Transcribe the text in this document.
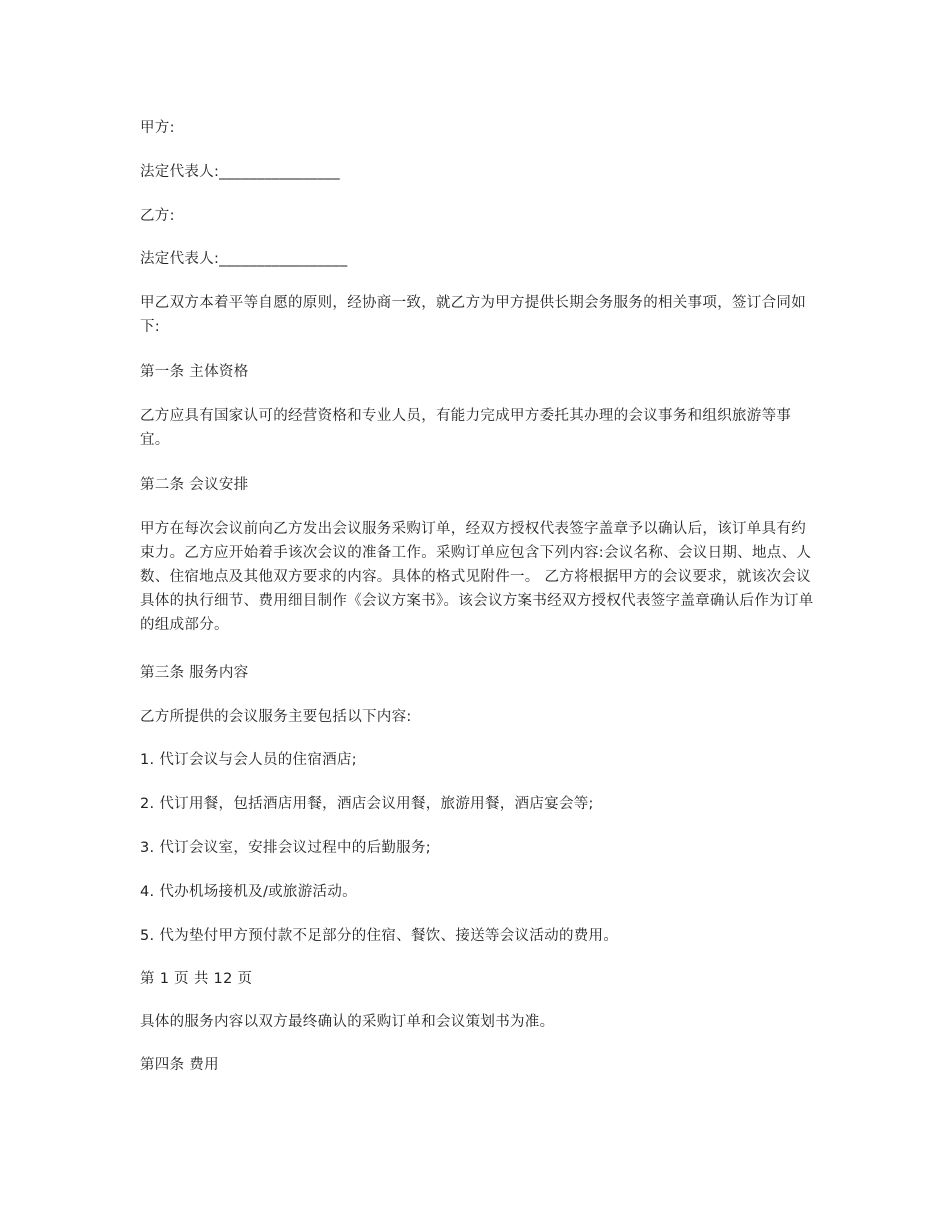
甲方:
法定代表人:________________
乙方:
法定代表人:_________________
甲乙双方本着平等自愿的原则，经协商一致，就乙方为甲方提供长期会务服务的相关事项，签订合同如下:
第一条 主体资格
乙方应具有国家认可的经营资格和专业人员，有能力完成甲方委托其办理的会议事务和组织旅游等事宜。
第二条 会议安排
甲方在每次会议前向乙方发出会议服务采购订单，经双方授权代表签字盖章予以确认后，该订单具有约束力。乙方应开始着手该次会议的准备工作。采购订单应包含下列内容:会议名称、会议日期、地点、人数、住宿地点及其他双方要求的内容。具体的格式见附件一。 乙方将根据甲方的会议要求，就该次会议具体的执行细节、费用细目制作《会议方案书》。该会议方案书经双方授权代表签字盖章确认后作为订单的组成部分。
第三条 服务内容
乙方所提供的会议服务主要包括以下内容:
1. 代订会议与会人员的住宿酒店;
2. 代订用餐，包括酒店用餐，酒店会议用餐，旅游用餐，酒店宴会等;
3. 代订会议室，安排会议过程中的后勤服务;
4. 代办机场接机及/或旅游活动。
5. 代为垫付甲方预付款不足部分的住宿、餐饮、接送等会议活动的费用。
第 1 页 共 12 页
具体的服务内容以双方最终确认的采购订单和会议策划书为准。
第四条 费用
